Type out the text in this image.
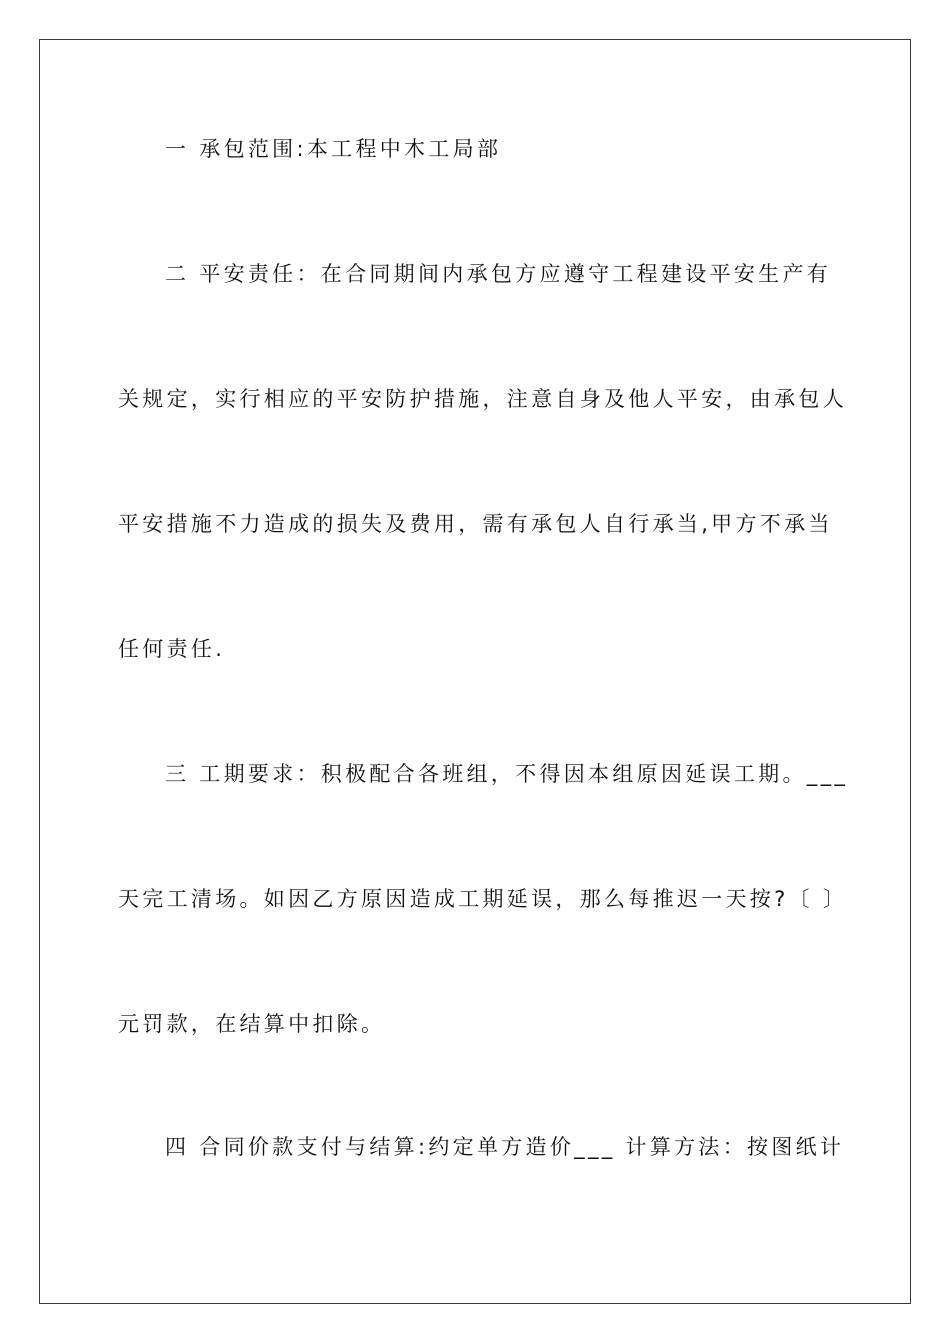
一 承包范围:本工程中木工局部
二 平安责任：在合同期间内承包方应遵守工程建设平安生产有
关规定，实行相应的平安防护措施，注意自身及他人平安，由承包人
平安措施不力造成的损失及费用，需有承包人自行承当,甲方不承当
任何责任.
三 工期要求：积极配合各班组，不得因本组原因延误工期。___
天完工清场。如因乙方原因造成工期延误，那么每推迟一天按?〔 〕
元罚款，在结算中扣除。
四 合同价款支付与结算:约定单方造价___ 计算方法：按图纸计
